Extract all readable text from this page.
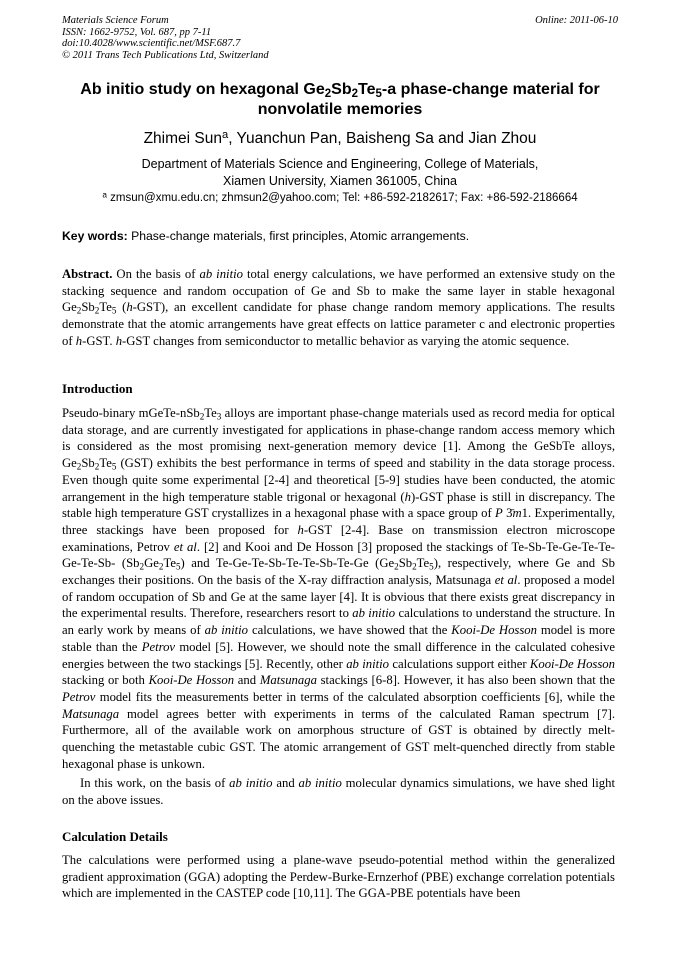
Materials Science Forum
ISSN: 1662-9752, Vol. 687, pp 7-11
doi:10.4028/www.scientific.net/MSF.687.7
© 2011 Trans Tech Publications Ltd, Switzerland
Online: 2011-06-10
Ab initio study on hexagonal $Ge_2Sb_2Te_5-a$ phase-change material for
nonvolatile memories
Zhimei Sun$^a$, Yuanchun Pan, Baisheng Sa and Jian Zhou
Department of Materials Science and Engineering, College of Materials,
Xiamen University, Xiamen 361005, China
$^a$ zmsun@xmu.edu.cn; zhmsun2@yahoo.com; Tel: +86-592-2182617; Fax: +86-592-2186664
Key words: Phase-change materials, first principles, Atomic arrangements.
Abstract. On the basis of ab initio total energy calculations, we have performed an extensive study on the stacking sequence and random occupation of Ge and Sb to make the same layer in stable hexagonal $Ge_2Sb_2Te_5$ (h-GST), an excellent candidate for phase change random memory applications. The results demonstrate that the atomic arrangements have great effects on lattice parameter c and electronic properties of h-GST. h-GST changes from semiconductor to metallic behavior as varying the atomic sequence.
Introduction
Pseudo-binary mGeTe-$nSb_2Te_3$ alloys are important phase-change materials used as record media for optical data storage, and are currently investigated for applications in phase-change random access memory which is considered as the most promising next-generation memory device [1]. Among the GeSbTe alloys, $Ge_2Sb_2Te_5$ (GST) exhibits the best performance in terms of speed and stability in the data storage process. Even though quite some experimental [2-4] and theoretical [5-9] studies have been conducted, the atomic arrangement in the high temperature stable trigonal or hexagonal (h)-GST phase is still in discrepancy. The stable high temperature GST crystallizes in a hexagonal phase with a space group of P 3̄m1. Experimentally, three stackings have been proposed for h-GST [2-4]. Base on transmission electron microscope examinations, Petrov et al. [2] and Kooi and De Hosson [3] proposed the stackings of Te-Sb-Te-Ge-Te-Te-Ge-Te-Sb- $(Sb_2Ge_2Te_5)$ and Te-Ge-Te-Sb-Te-Te-Sb-Te-Ge $(Ge_2Sb_2Te_5)$, respectively, where Ge and Sb exchanges their positions. On the basis of the X-ray diffraction analysis, Matsunaga et al. proposed a model of random occupation of Sb and Ge at the same layer [4]. It is obvious that there exists great discrepancy in the experimental results. Therefore, researchers resort to ab initio calculations to understand the structure. In an early work by means of ab initio calculations, we have showed that the Kooi-De Hosson model is more stable than the Petrov model [5]. However, we should note the small difference in the calculated cohesive energies between the two stackings [5]. Recently, other ab initio calculations support either Kooi-De Hosson stacking or both Kooi-De Hosson and Matsunaga stackings [6-8]. However, it has also been shown that the Petrov model fits the measurements better in terms of the calculated absorption coefficients [6], while the Matsunaga model agrees better with experiments in terms of the calculated Raman spectrum [7]. Furthermore, all of the available work on amorphous structure of GST is obtained by directly melt-quenching the metastable cubic GST. The atomic arrangement of GST melt-quenched directly from stable hexagonal phase is unkown.
In this work, on the basis of ab initio and ab initio molecular dynamics simulations, we have shed light on the above issues.
Calculation Details
The calculations were performed using a plane-wave pseudo-potential method within the generalized gradient approximation (GGA) adopting the Perdew-Burke-Ernzerhof (PBE) exchange correlation potentials which are implemented in the CASTEP code [10,11]. The GGA-PBE potentials have been
